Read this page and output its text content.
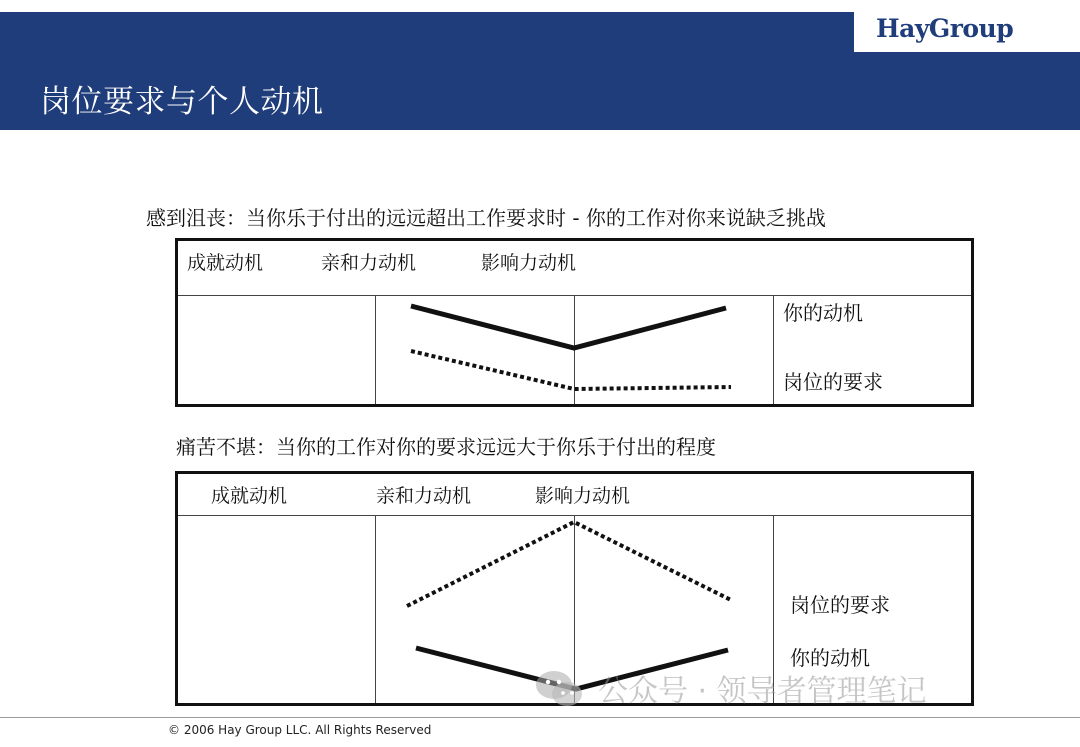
岗位要求与个人动机
HayGroup
感到沮丧：当你乐于付出的远远超出工作要求时 - 你的工作对你来说缺乏挑战
成就动机	亲和力动机	影响力动机
你的动机
岗位的要求
痛苦不堪：当你的工作对你的要求远远大于你乐于付出的程度
成就动机	亲和力动机	影响力动机
岗位的要求
你的动机
公众号 · 领导者管理笔记
© 2006 Hay Group LLC. All Rights Reserved
